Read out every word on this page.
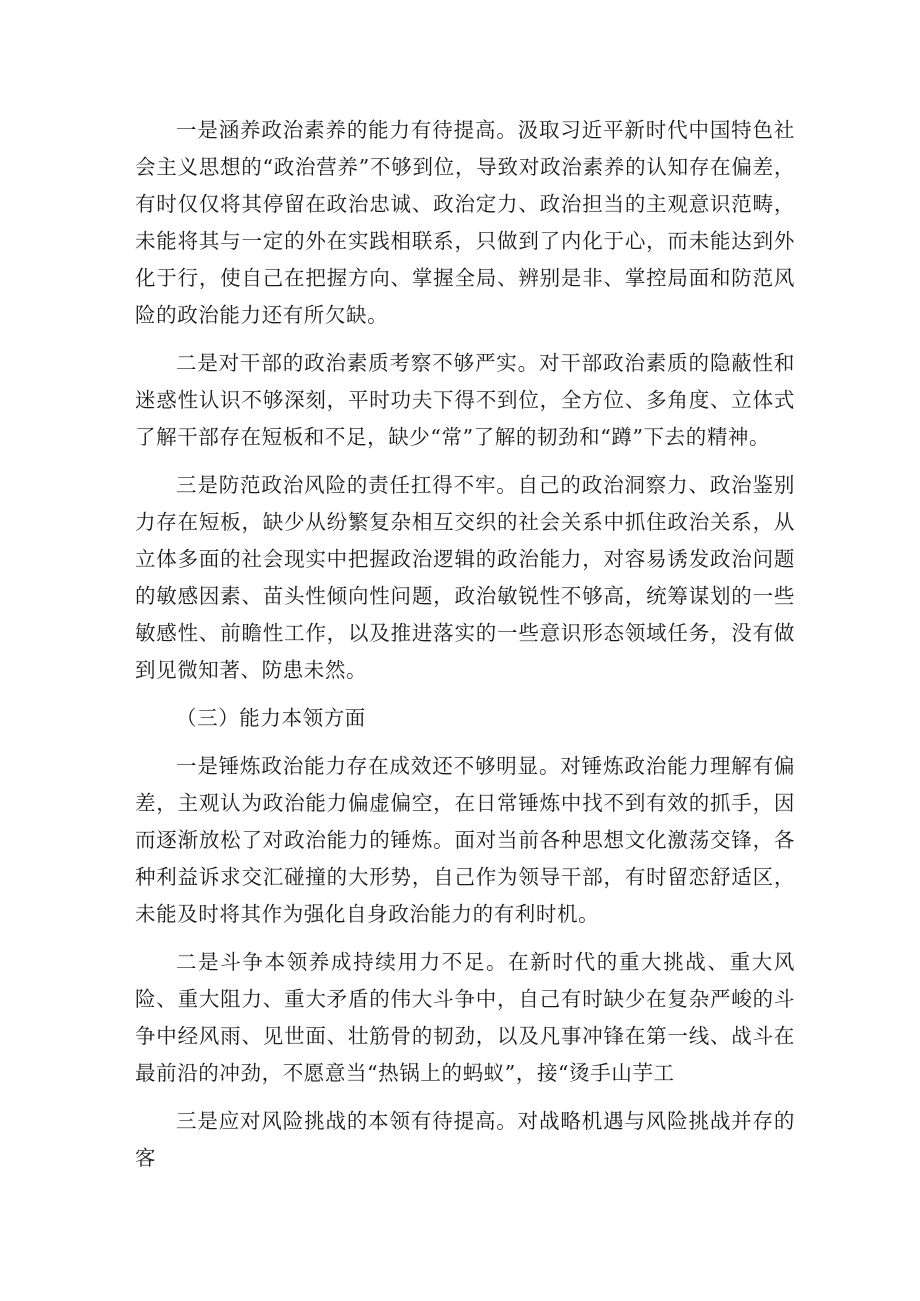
一是涵养政治素养的能力有待提高。汲取习近平新时代中国特色社会主义思想的“政治营养”不够到位，导致对政治素养的认知存在偏差，有时仅仅将其停留在政治忠诚、政治定力、政治担当的主观意识范畴，未能将其与一定的外在实践相联系，只做到了内化于心，而未能达到外化于行，使自己在把握方向、掌握全局、辨别是非、掌控局面和防范风险的政治能力还有所欠缺。

二是对干部的政治素质考察不够严实。对干部政治素质的隐蔽性和迷惑性认识不够深刻，平时功夫下得不到位，全方位、多角度、立体式了解干部存在短板和不足，缺少“常”了解的韧劲和“蹲”下去的精神。

三是防范政治风险的责任扛得不牢。自己的政治洞察力、政治鉴别力存在短板，缺少从纷繁复杂相互交织的社会关系中抓住政治关系，从立体多面的社会现实中把握政治逻辑的政治能力，对容易诱发政治问题的敏感因素、苗头性倾向性问题，政治敏锐性不够高，统筹谋划的一些敏感性、前瞻性工作，以及推进落实的一些意识形态领域任务，没有做到见微知著、防患未然。

（三）能力本领方面

一是锤炼政治能力存在成效还不够明显。对锤炼政治能力理解有偏差，主观认为政治能力偏虚偏空，在日常锤炼中找不到有效的抓手，因而逐渐放松了对政治能力的锤炼。面对当前各种思想文化激荡交锋，各种利益诉求交汇碰撞的大形势，自己作为领导干部，有时留恋舒适区，未能及时将其作为强化自身政治能力的有利时机。

二是斗争本领养成持续用力不足。在新时代的重大挑战、重大风险、重大阻力、重大矛盾的伟大斗争中，自己有时缺少在复杂严峻的斗争中经风雨、见世面、壮筋骨的韧劲，以及凡事冲锋在第一线、战斗在最前沿的冲劲，不愿意当“热锅上的蚂蚁”，接“烫手山芋工

三是应对风险挑战的本领有待提高。对战略机遇与风险挑战并存的客
